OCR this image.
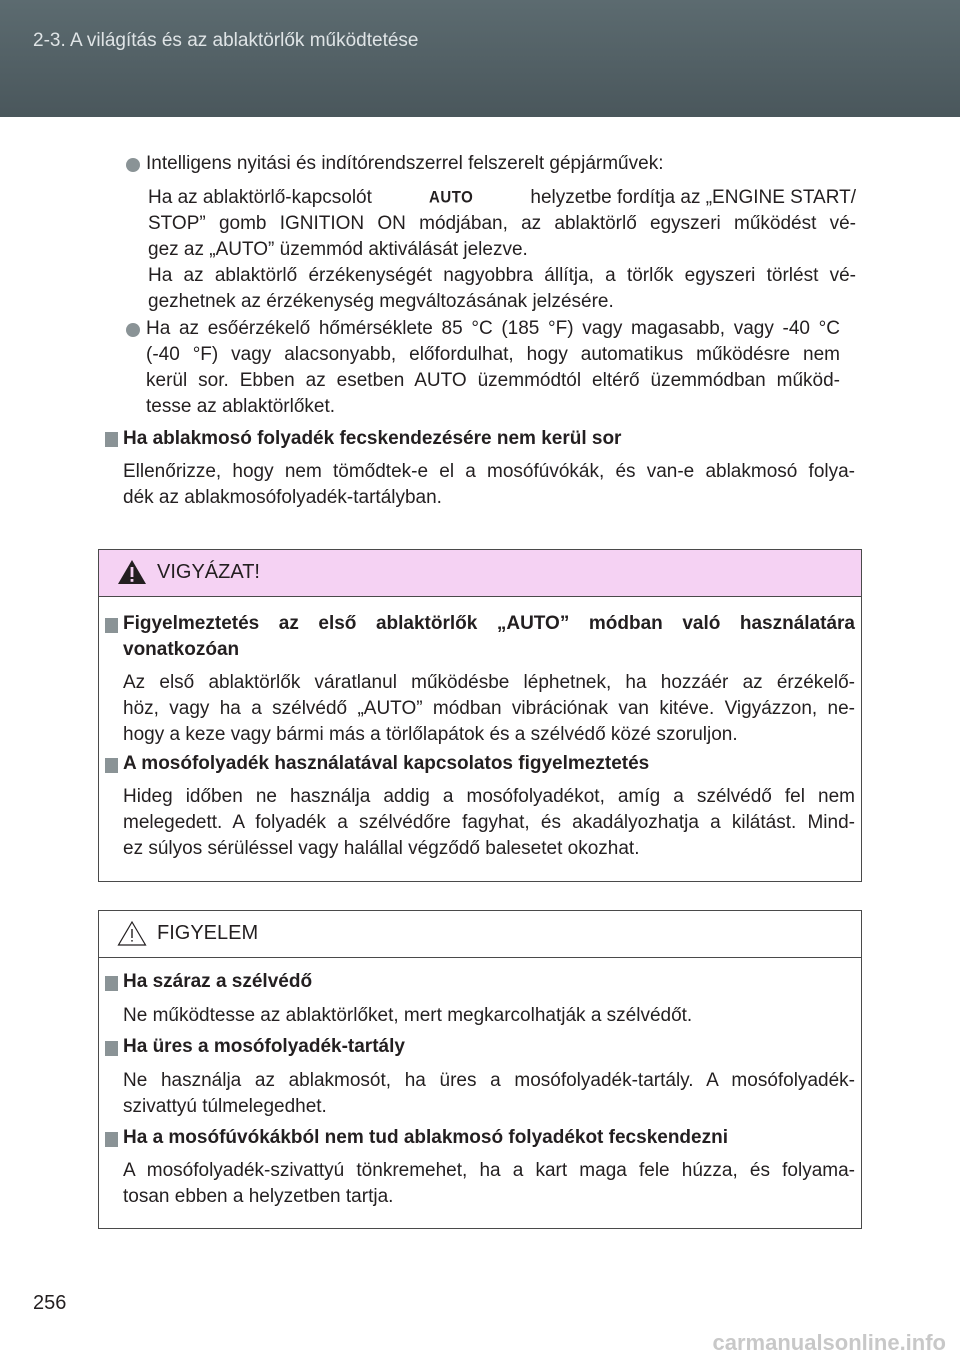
2-3. A világítás és az ablaktörlők működtetése
Intelligens nyitási és indítórendszerrel felszerelt gépjárművek:
Ha az ablaktörlő-kapcsolót	AUTO	helyzetbe fordítja az „ENGINE START/
STOP” gomb IGNITION ON módjában, az ablaktörlő egyszeri működést vé-
gez az „AUTO” üzemmód aktiválását jelezve.
Ha az ablaktörlő érzékenységét nagyobbra állítja, a törlők egyszeri törlést vé-
gezhetnek az érzékenység megváltozásának jelzésére.
Ha az esőérzékelő hőmérséklete 85 °C (185 °F) vagy magasabb, vagy -40 °C
(-40 °F) vagy alacsonyabb, előfordulhat, hogy automatikus működésre nem
kerül sor. Ebben az esetben AUTO üzemmódtól eltérő üzemmódban működ-
tesse az ablaktörlőket.
Ha ablakmosó folyadék fecskendezésére nem kerül sor
Ellenőrizze, hogy nem tömődtek-e el a mosófúvókák, és van-e ablakmosó folya-
dék az ablakmosófolyadék-tartályban.
VIGYÁZAT!
Figyelmeztetés az első ablaktörlők „AUTO” módban való használatára
vonatkozóan
Az első ablaktörlők váratlanul működésbe léphetnek, ha hozzáér az érzékelő-
höz, vagy ha a szélvédő „AUTO” módban vibrációnak van kitéve. Vigyázzon, ne-
hogy a keze vagy bármi más a törlőlapátok és a szélvédő közé szoruljon.
A mosófolyadék használatával kapcsolatos figyelmeztetés
Hideg időben ne használja addig a mosófolyadékot, amíg a szélvédő fel nem
melegedett. A folyadék a szélvédőre fagyhat, és akadályozhatja a kilátást. Mind-
ez súlyos sérüléssel vagy halállal végződő balesetet okozhat.
FIGYELEM
Ha száraz a szélvédő
Ne működtesse az ablaktörlőket, mert megkarcolhatják a szélvédőt.
Ha üres a mosófolyadék-tartály
Ne használja az ablakmosót, ha üres a mosófolyadék-tartály. A mosófolyadék-
szivattyú túlmelegedhet.
Ha a mosófúvókákból nem tud ablakmosó folyadékot fecskendezni
A mosófolyadék-szivattyú tönkremehet, ha a kart maga fele húzza, és folyama-
tosan ebben a helyzetben tartja.
256
carmanualsonline.info
